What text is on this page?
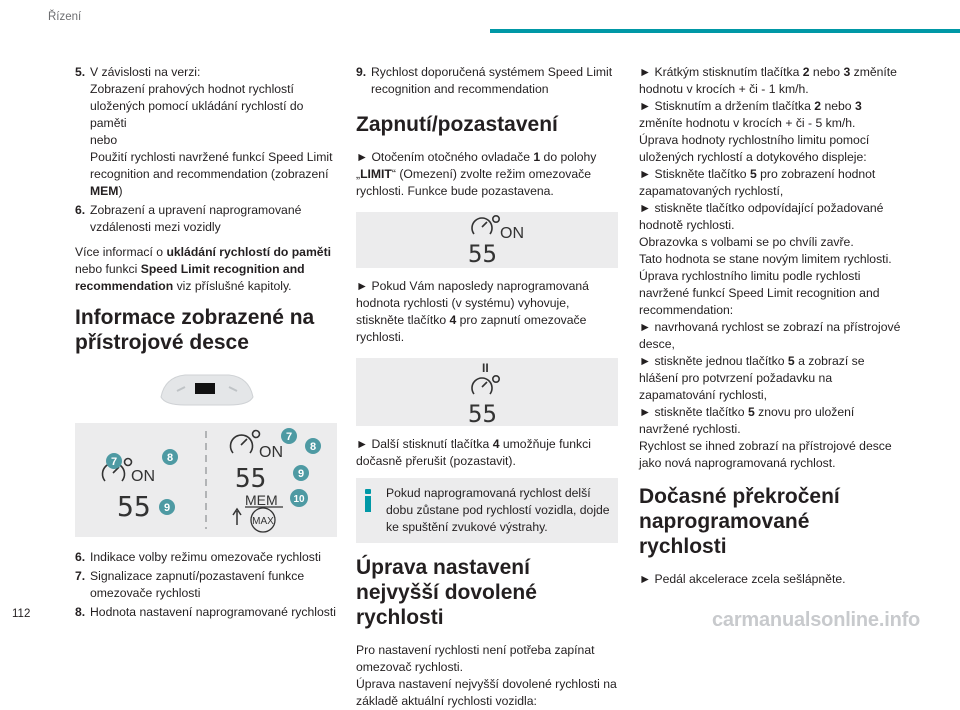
Řízení
112	carmanualsonline.info
5. V závislosti na verzi:

Zobrazení prahových hodnot rychlostí uložených pomocí ukládání rychlostí do paměti

nebo

Použití rychlosti navržené funkcí Speed Limit recognition and recommendation (zobrazení MEM)

6. Zobrazení a upravení naprogramované vzdálenosti mezi vozidly

Více informací o ukládání rychlostí do paměti nebo funkci Speed Limit recognition and recommendation viz příslušné kapitoly.

Informace zobrazené na přístrojové desce
ON
55
ON
55
MEM
MAX
7	8
9
7
8
9
10
6. Indikace volby režimu omezovače rychlosti
7. Signalizace zapnutí/pozastavení funkce omezovače rychlosti
8. Hodnota nastavení naprogramované rychlosti
9. Rychlost doporučená systémem Speed Limit recognition and recommendation
Zapnutí/pozastavení

► Otočením otočného ovladače 1 do polohy „LIMIT“ (Omezení) zvolte režim omezovače rychlosti. Funkce bude pozastavena.

ON
55

► Pokud Vám naposledy naprogramovaná hodnota rychlosti (v systému) vyhovuje, stiskněte tlačítko 4 pro zapnutí omezovače rychlosti.

II
55

► Další stisknutí tlačítka 4 umožňuje funkci dočasně přerušit (pozastavit).

Pokud naprogramovaná rychlost delší dobu zůstane pod rychlostí vozidla, dojde ke spuštění zvukové výstrahy.
Úprava nastavení nejvyšší dovolené rychlosti

Pro nastavení rychlosti není potřeba zapínat omezovač rychlosti.

Úprava nastavení nejvyšší dovolené rychlosti na základě aktuální rychlosti vozidla:

► Krátkým stisknutím tlačítka 2 nebo 3 změníte hodnotu v krocích + či - 1 km/h.

► Stisknutím a držením tlačítka 2 nebo 3 změníte hodnotu v krocích + či - 5 km/h.

Úprava hodnoty rychlostního limitu pomocí uložených rychlostí a dotykového displeje:

► Stiskněte tlačítko 5 pro zobrazení hodnot zapamatovaných rychlostí,

► stiskněte tlačítko odpovídající požadované hodnotě rychlosti.

Obrazovka s volbami se po chvíli zavře.

Tato hodnota se stane novým limitem rychlosti.

Úprava rychlostního limitu podle rychlosti navržené funkcí Speed Limit recognition and recommendation:

► navrhovaná rychlost se zobrazí na přístrojové desce,

► stiskněte jednou tlačítko 5 a zobrazí se hlášení pro potvrzení požadavku na zapamatování rychlosti,

► stiskněte tlačítko 5 znovu pro uložení navržené rychlosti.

Rychlost se ihned zobrazí na přístrojové desce jako nová naprogramovaná rychlost.

Dočasné překročení naprogramované rychlosti

► Pedál akcelerace zcela sešlápněte.
